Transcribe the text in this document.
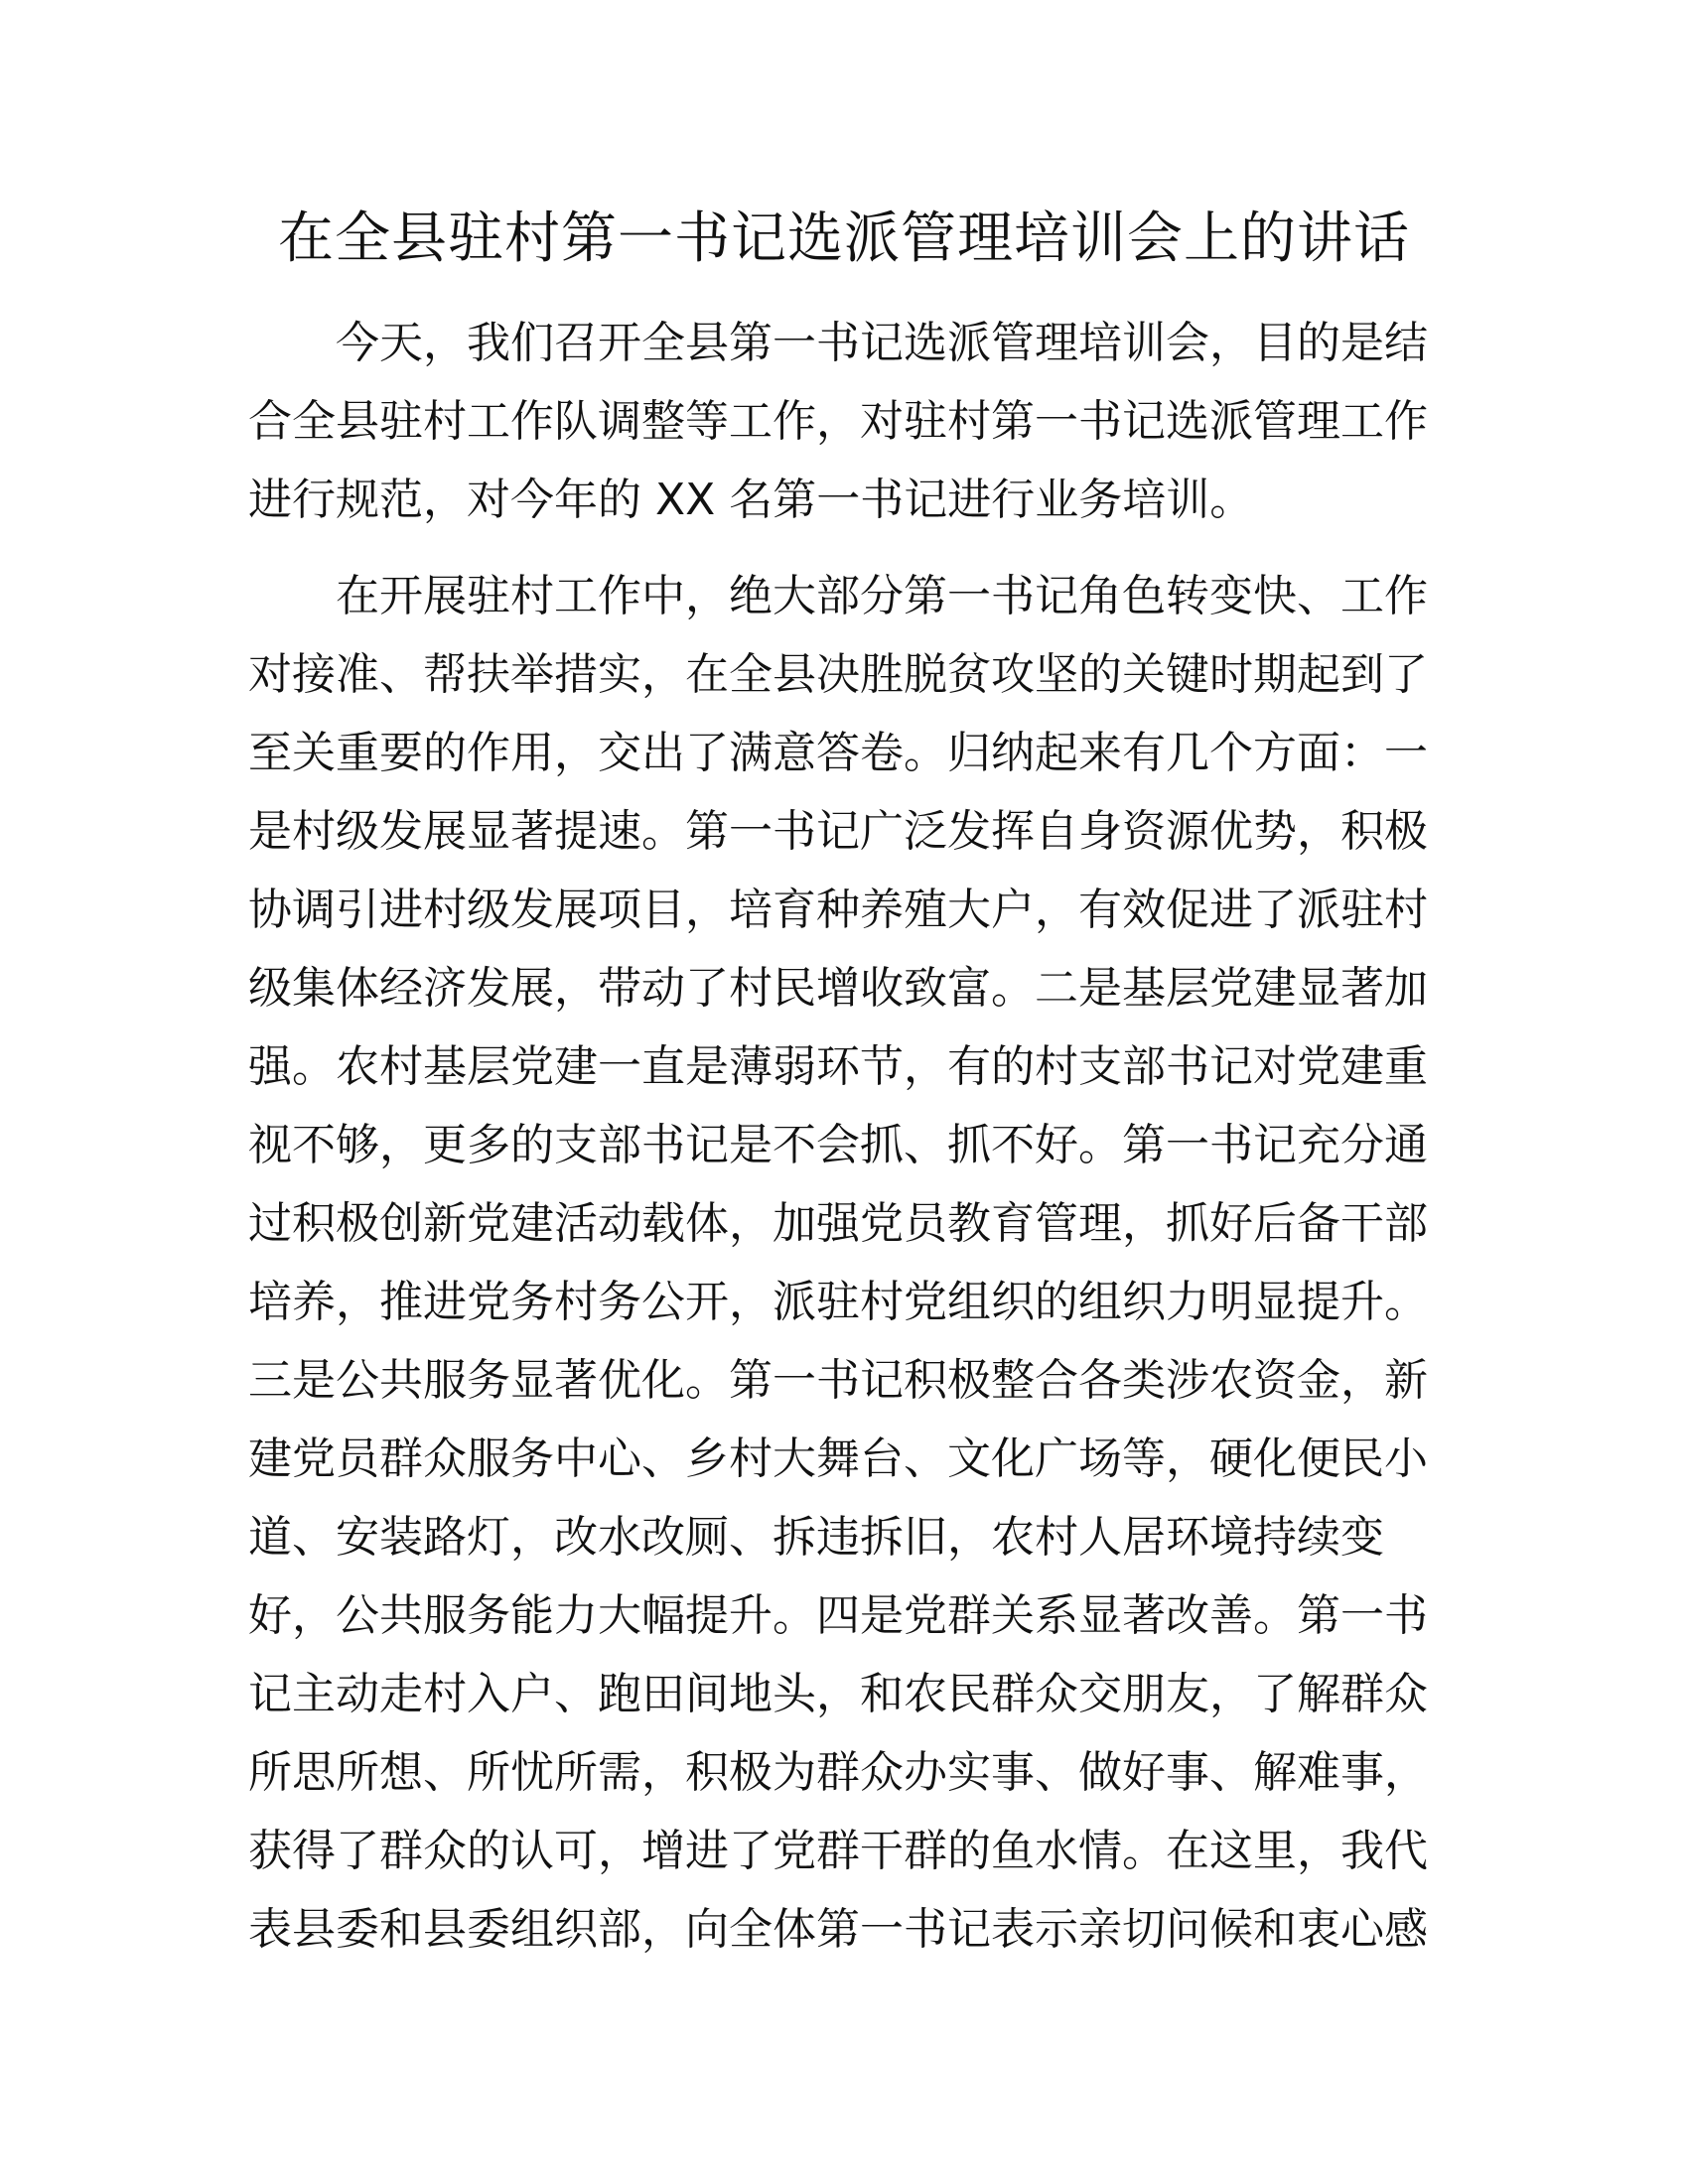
在全县驻村第一书记选派管理培训会上的讲话

今天，我们召开全县第一书记选派管理培训会，目的是结
合全县驻村工作队调整等工作，对驻村第一书记选派管理工作
进行规范，对今年的 XX 名第一书记进行业务培训。

在开展驻村工作中，绝大部分第一书记角色转变快、工作
对接准、帮扶举措实，在全县决胜脱贫攻坚的关键时期起到了
至关重要的作用，交出了满意答卷。归纳起来有几个方面：一
是村级发展显著提速。第一书记广泛发挥自身资源优势，积极
协调引进村级发展项目，培育种养殖大户，有效促进了派驻村
级集体经济发展，带动了村民增收致富。二是基层党建显著加
强。农村基层党建一直是薄弱环节，有的村支部书记对党建重
视不够，更多的支部书记是不会抓、抓不好。第一书记充分通
过积极创新党建活动载体，加强党员教育管理，抓好后备干部
培养，推进党务村务公开，派驻村党组织的组织力明显提升。
三是公共服务显著优化。第一书记积极整合各类涉农资金，新
建党员群众服务中心、乡村大舞台、文化广场等，硬化便民小
道、安装路灯，改水改厕、拆违拆旧，农村人居环境持续变
好，公共服务能力大幅提升。四是党群关系显著改善。第一书
记主动走村入户、跑田间地头，和农民群众交朋友，了解群众
所思所想、所忧所需，积极为群众办实事、做好事、解难事，
获得了群众的认可，增进了党群干群的鱼水情。在这里，我代
表县委和县委组织部，向全体第一书记表示亲切问候和衷心感
